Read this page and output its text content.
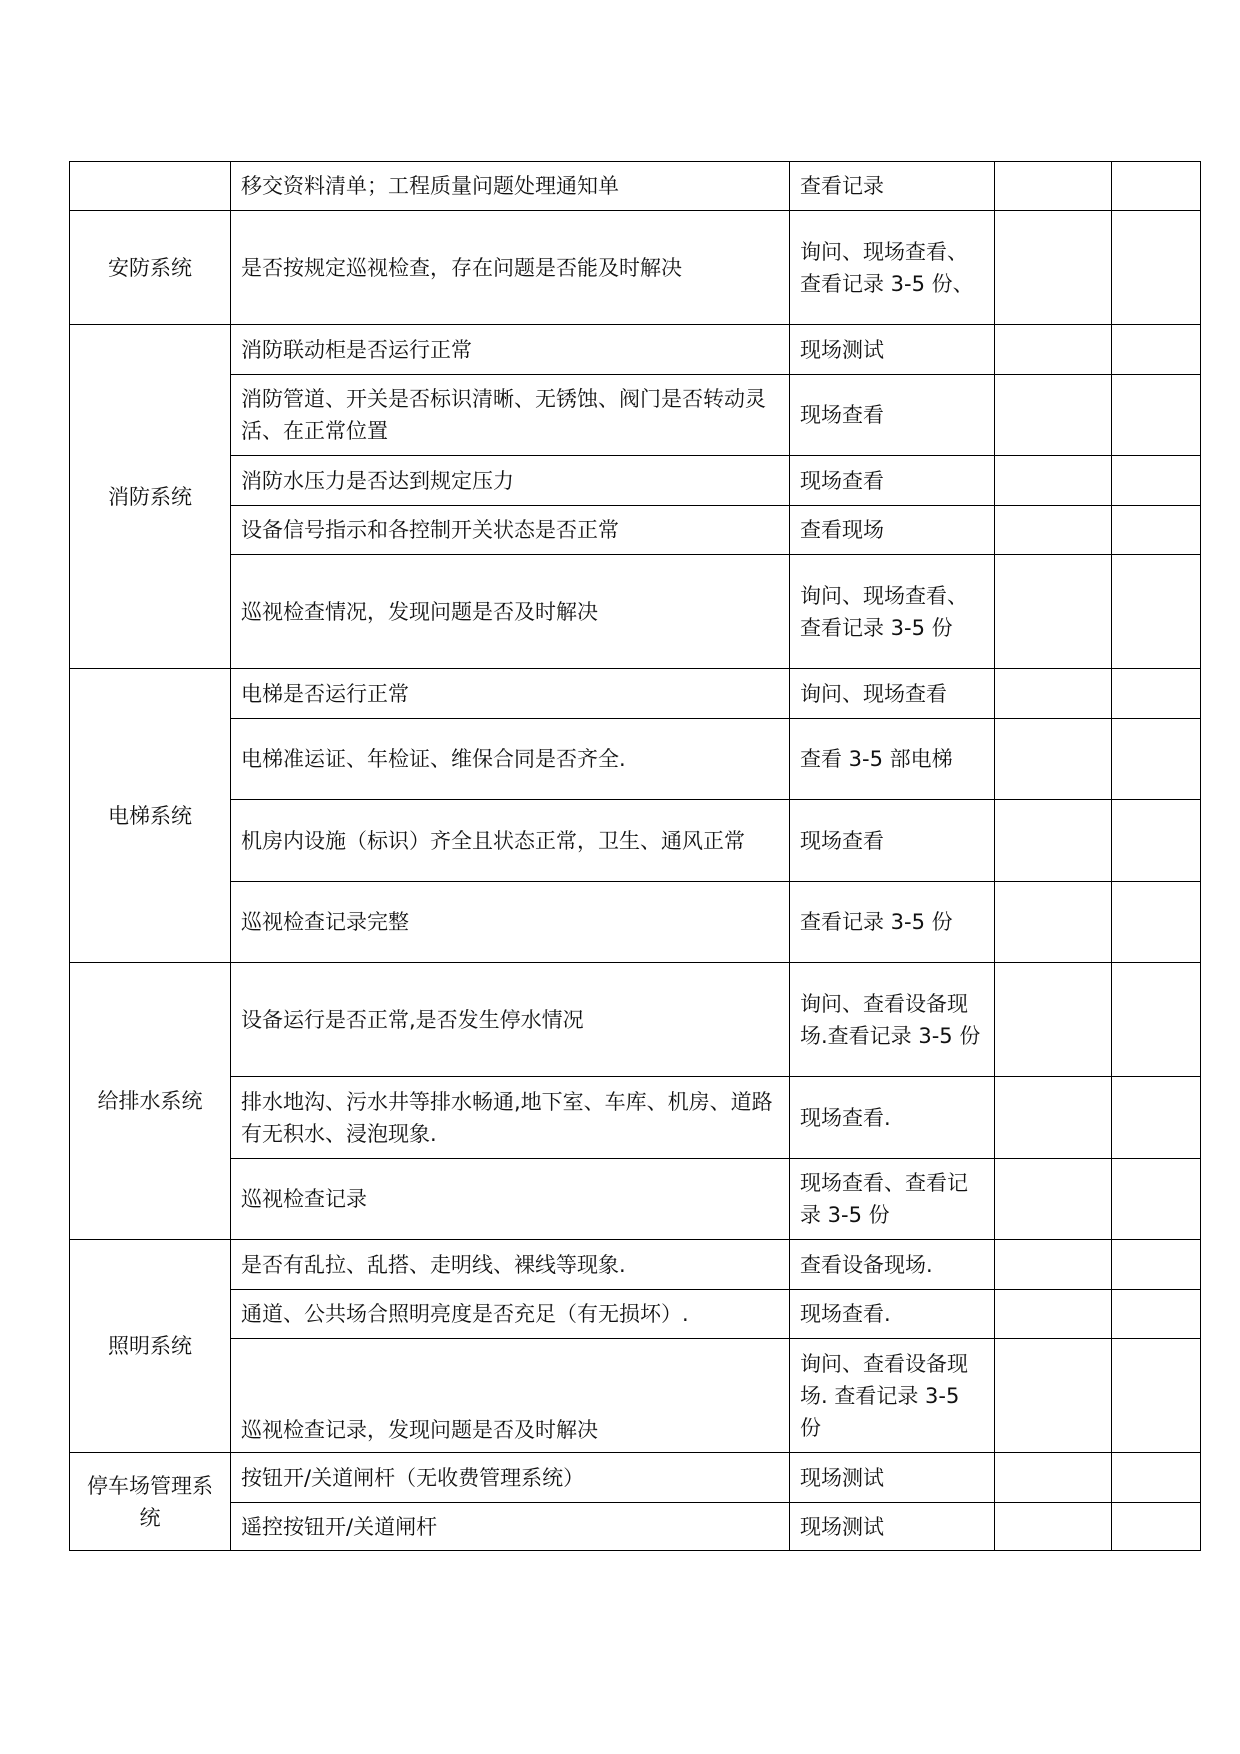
	移交资料清单；工程质量问题处理通知单	查看记录		
安防系统	是否按规定巡视检查，存在问题是否能及时解决	询问、现场查看、查看记录 3-5 份、		
消防系统	消防联动柜是否运行正常	现场测试		
	消防管道、开关是否标识清晰、无锈蚀、阀门是否转动灵活、在正常位置	现场查看		
	消防水压力是否达到规定压力	现场查看		
	设备信号指示和各控制开关状态是否正常	查看现场		
	巡视检查情况，发现问题是否及时解决	询问、现场查看、查看记录 3-5 份		
电梯系统	电梯是否运行正常	询问、现场查看		
	电梯准运证、年检证、维保合同是否齐全.	查看 3-5 部电梯		
	机房内设施（标识）齐全且状态正常，卫生、通风正常	现场查看		
	巡视检查记录完整	查看记录 3-5 份		
给排水系统	设备运行是否正常,是否发生停水情况	询问、查看设备现场.查看记录 3-5 份		
	排水地沟、污水井等排水畅通,地下室、车库、机房、道路有无积水、浸泡现象.	现场查看.		
	巡视检查记录	现场查看、查看记录 3-5 份		
照明系统	是否有乱拉、乱搭、走明线、裸线等现象.	查看设备现场.		
	通道、公共场合照明亮度是否充足（有无损坏）.	现场查看.		
	巡视检查记录，发现问题是否及时解决	询问、查看设备现场. 查看记录 3-5 份		
停车场管理系统	按钮开/关道闸杆（无收费管理系统）	现场测试		
	遥控按钮开/关道闸杆	现场测试		
